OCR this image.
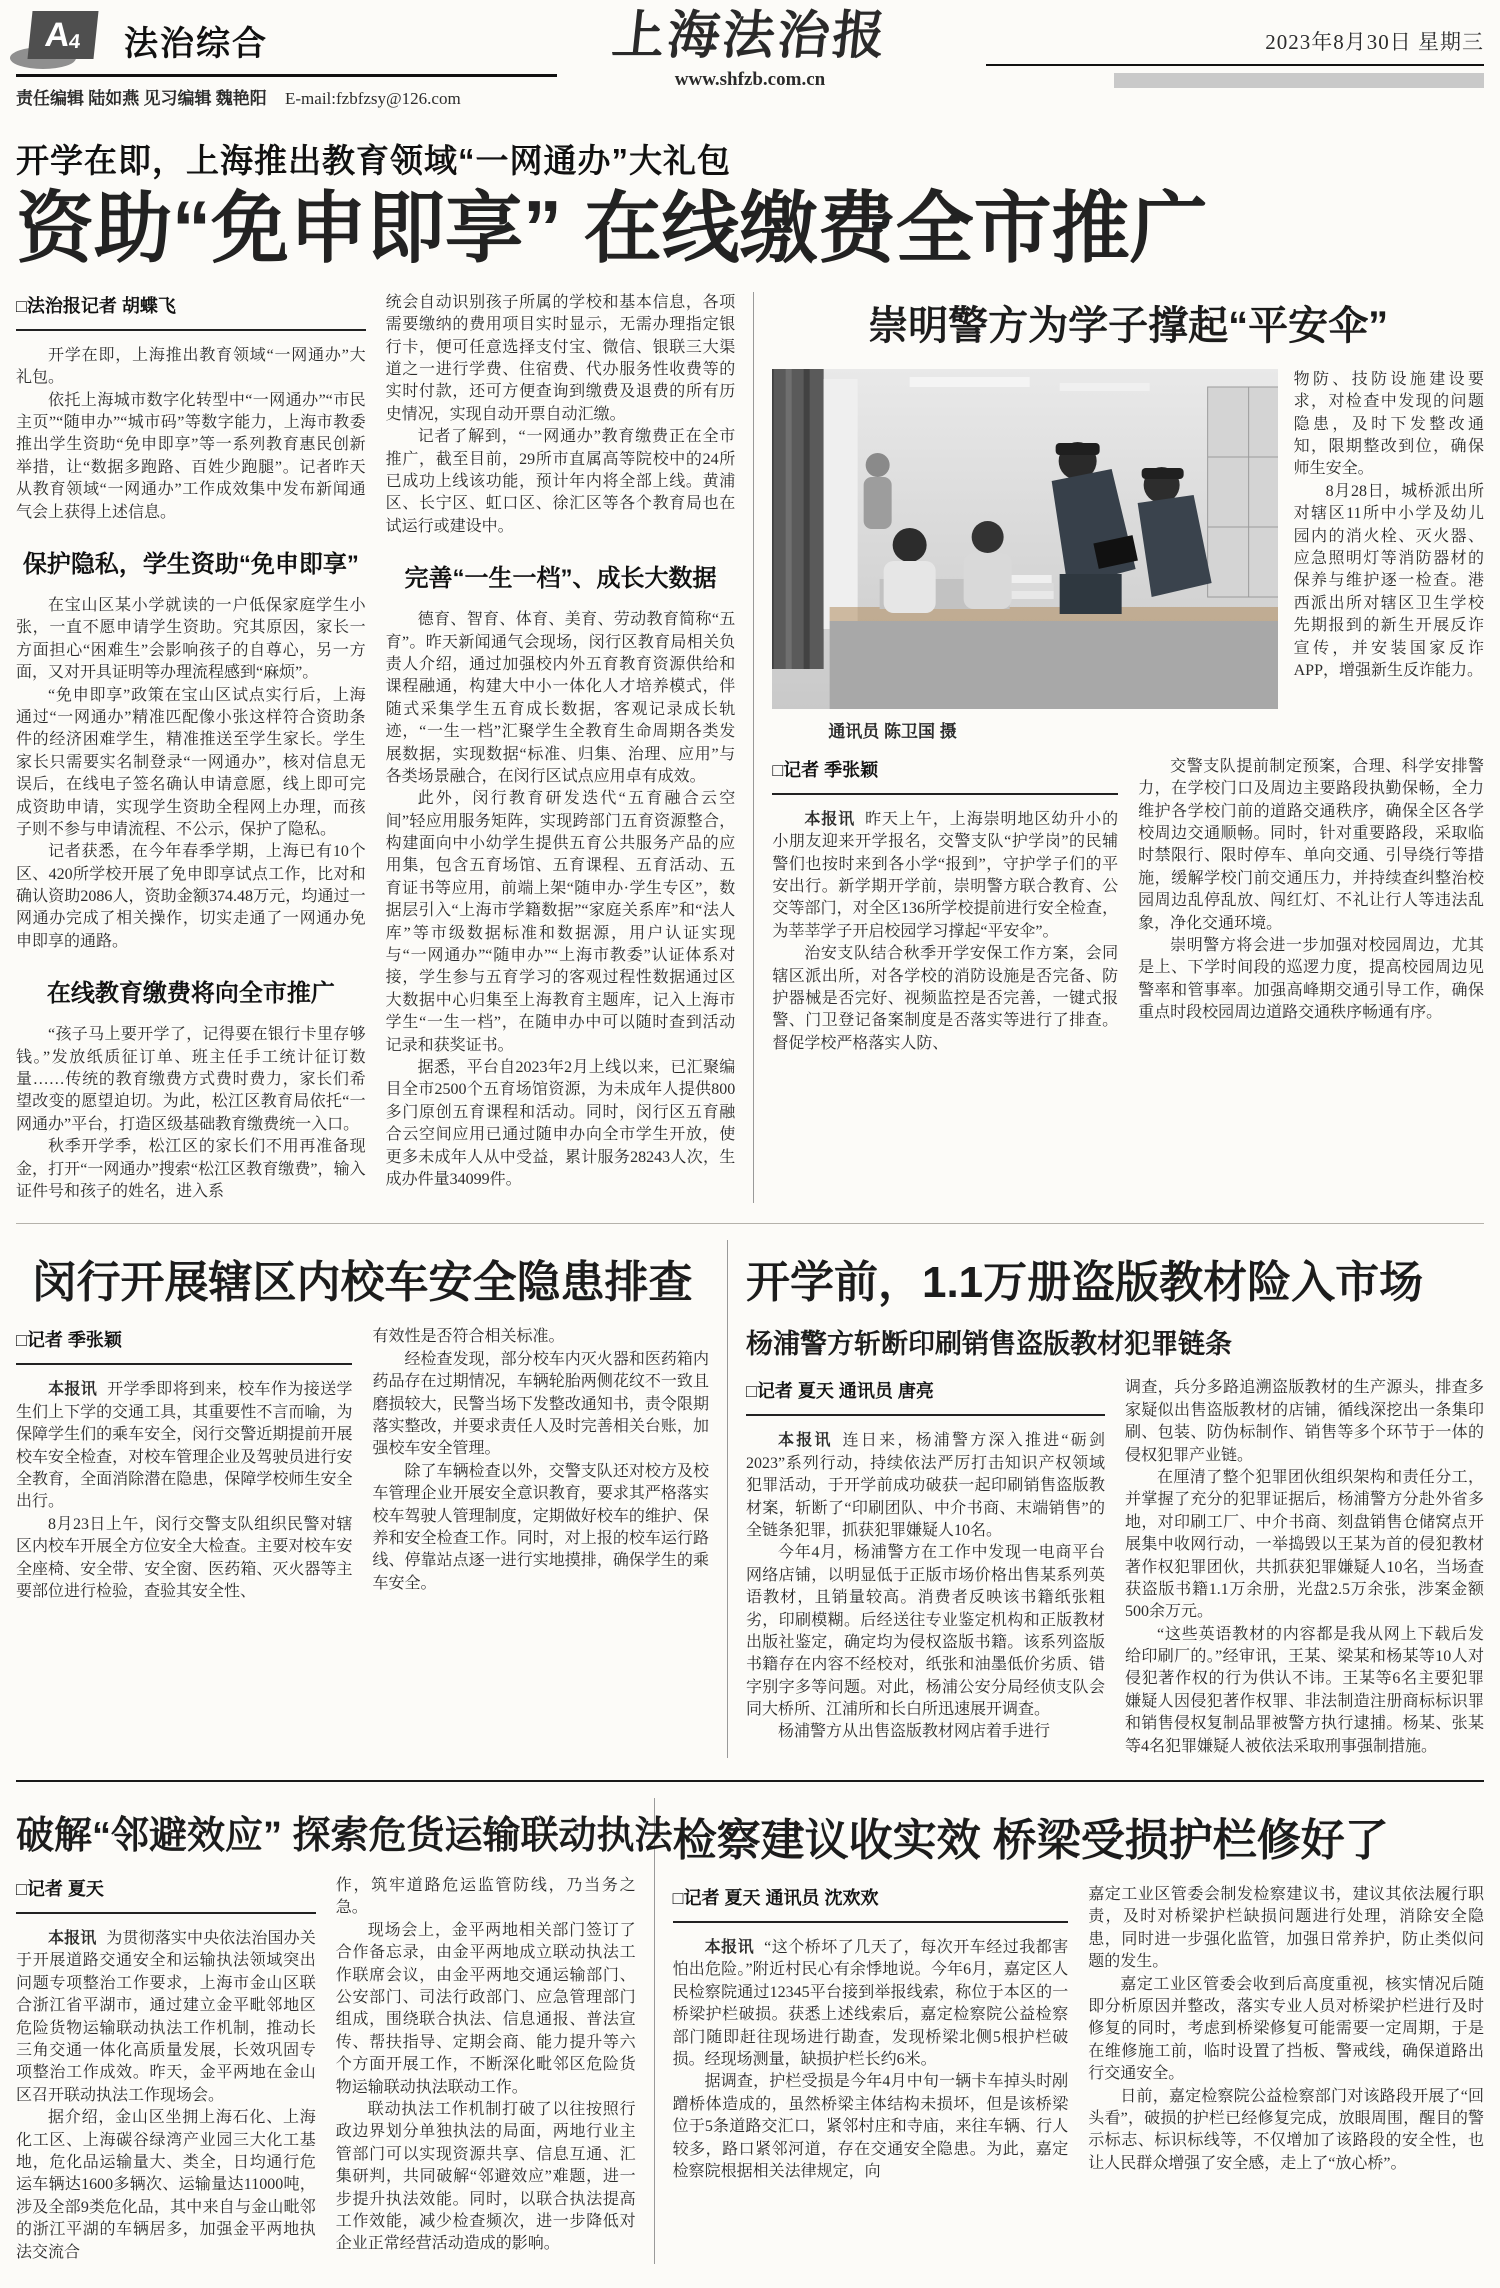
A
4 法治综合
责任编辑 陆如燕 见习编辑 魏艳阳 E-mail:fzbfzsy@126.com
上海法治报
www.shfzb.com.cn
2023年8月30日 星期三
开学在即，上海推出教育领域“一网通办”大礼包
资助“免申即享” 在线缴费全市推广
□法治报记者 胡蝶飞

开学在即，上海推出教育领域“一网通办”大礼包。

依托上海城市数字化转型中“一网通办”“市民主页”“随申办”“城市码”等数字能力，上海市教委推出学生资助“免申即享”等一系列教育惠民创新举措，让“数据多跑路、百姓少跑腿”。记者昨天从教育领域“一网通办”工作成效集中发布新闻通气会上获得上述信息。

保护隐私，学生资助“免申即享”

在宝山区某小学就读的一户低保家庭学生小张，一直不愿申请学生资助。究其原因，家长一方面担心“困难生”会影响孩子的自尊心，另一方面，又对开具证明等办理流程感到“麻烦”。

“免申即享”政策在宝山区试点实行后，上海通过“一网通办”精准匹配像小张这样符合资助条件的经济困难学生，精准推送至学生家长。学生家长只需要实名制登录“一网通办”，核对信息无误后，在线电子签名确认申请意愿，线上即可完成资助申请，实现学生资助全程网上办理，而孩子则不参与申请流程、不公示，保护了隐私。

记者获悉，在今年春季学期，上海已有10个区、420所学校开展了免申即享试点工作，比对和确认资助2086人，资助金额374.48万元，均通过一网通办完成了相关操作，切实走通了一网通办免申即享的通路。

在线教育缴费将向全市推广

“孩子马上要开学了，记得要在银行卡里存够钱。”发放纸质征订单、班主任手工统计征订数量……传统的教育缴费方式费时费力，家长们希望改变的愿望迫切。为此，松江区教育局依托“一网通办”平台，打造区级基础教育缴费统一入口。

秋季开学季，松江区的家长们不用再准备现金，打开“一网通办”搜索“松江区教育缴费”，输入证件号和孩子的姓名，进入系

统会自动识别孩子所属的学校和基本信息，各项需要缴纳的费用项目实时显示，无需办理指定银行卡，便可任意选择支付宝、微信、银联三大渠道之一进行学费、住宿费、代办服务性收费等的实时付款，还可方便查询到缴费及退费的所有历史情况，实现自动开票自动汇缴。

记者了解到，“一网通办”教育缴费正在全市推广，截至目前，29所市直属高等院校中的24所已成功上线该功能，预计年内将全部上线。黄浦区、长宁区、虹口区、徐汇区等各个教育局也在试运行或建设中。

完善“一生一档”、成长大数据

德育、智育、体育、美育、劳动教育简称“五育”。昨天新闻通气会现场，闵行区教育局相关负责人介绍，通过加强校内外五育教育资源供给和课程融通，构建大中小一体化人才培养模式，伴随式采集学生五育成长数据，客观记录成长轨迹，“一生一档”汇聚学生全教育生命周期各类发展数据，实现数据“标准、归集、治理、应用”与各类场景融合，在闵行区试点应用卓有成效。

此外，闵行教育研发迭代“五育融合云空间”轻应用服务矩阵，实现跨部门五育资源整合，构建面向中小幼学生提供五育公共服务产品的应用集，包含五育场馆、五育课程、五育活动、五育证书等应用，前端上架“随申办·学生专区”，数据层引入“上海市学籍数据”“家庭关系库”和“法人库”等市级数据标准和数据源，用户认证实现与“一网通办”“随申办”“上海市教委”认证体系对接，学生参与五育学习的客观过程性数据通过区大数据中心归集至上海教育主题库，记入上海市学生“一生一档”，在随申办中可以随时查到活动记录和获奖证书。

据悉，平台自2023年2月上线以来，已汇聚编目全市2500个五育场馆资源，为未成年人提供800多门原创五育课程和活动。同时，闵行区五育融合云空间应用已通过随申办向全市学生开放，使更多未成年人从中受益，累计服务28243人次，生成办件量34099件。

崇明警方为学子撑起“平安伞”
通讯员 陈卫国 摄

物防、技防设施建设要求，对检查中发现的问题隐患，及时下发整改通知，限期整改到位，确保师生安全。

8月28日，城桥派出所对辖区11所中小学及幼儿园内的消火栓、灭火器、应急照明灯等消防器材的保养与维护逐一检查。港西派出所对辖区卫生学校先期报到的新生开展反诈宣传，并安装国家反诈APP，增强新生反诈能力。

□记者 季张颖

本报讯 昨天上午，上海崇明地区幼升小的小朋友迎来开学报名，交警支队“护学岗”的民辅警们也按时来到各小学“报到”，守护学子们的平安出行。新学期开学前，崇明警方联合教育、公交等部门，对全区136所学校提前进行安全检查，为莘莘学子开启校园学习撑起“平安伞”。

治安支队结合秋季开学安保工作方案，会同辖区派出所，对各学校的消防设施是否完备、防护器械是否完好、视频监控是否完善，一键式报警、门卫登记备案制度是否落实等进行了排查。督促学校严格落实人防、

交警支队提前制定预案，合理、科学安排警力，在学校门口及周边主要路段执勤保畅，全力维护各学校门前的道路交通秩序，确保全区各学校周边交通顺畅。同时，针对重要路段，采取临时禁限行、限时停车、单向交通、引导绕行等措施，缓解学校门前交通压力，并持续查纠整治校园周边乱停乱放、闯红灯、不礼让行人等违法乱象，净化交通环境。

崇明警方将会进一步加强对校园周边，尤其是上、下学时间段的巡逻力度，提高校园周边见警率和管事率。加强高峰期交通引导工作，确保重点时段校园周边道路交通秩序畅通有序。

闵行开展辖区内校车安全隐患排查
□记者 季张颖

本报讯 开学季即将到来，校车作为接送学生们上下学的交通工具，其重要性不言而喻，为保障学生们的乘车安全，闵行交警近期提前开展校车安全检查，对校车管理企业及驾驶员进行安全教育，全面消除潜在隐患，保障学校师生安全出行。

8月23日上午，闵行交警支队组织民警对辖区内校车开展全方位安全大检查。主要对校车安全座椅、安全带、安全窗、医药箱、灭火器等主要部位进行检验，查验其安全性、

有效性是否符合相关标准。

经检查发现，部分校车内灭火器和医药箱内药品存在过期情况，车辆轮胎两侧花纹不一致且磨损较大，民警当场下发整改通知书，责令限期落实整改，并要求责任人及时完善相关台账，加强校车安全管理。

除了车辆检查以外，交警支队还对校方及校车管理企业开展安全意识教育，要求其严格落实校车驾驶人管理制度，定期做好校车的维护、保养和安全检查工作。同时，对上报的校车运行路线、停靠站点逐一进行实地摸排，确保学生的乘车安全。

开学前，1.1万册盗版教材险入市场
杨浦警方斩断印刷销售盗版教材犯罪链条
□记者 夏天 通讯员 唐亮

本报讯 连日来，杨浦警方深入推进“砺剑2023”系列行动，持续依法严厉打击知识产权领域犯罪活动，于开学前成功破获一起印刷销售盗版教材案，斩断了“印刷团队、中介书商、末端销售”的全链条犯罪，抓获犯罪嫌疑人10名。

今年4月，杨浦警方在工作中发现一电商平台网络店铺，以明显低于正版市场价格出售某系列英语教材，且销量较高。消费者反映该书籍纸张粗劣，印刷模糊。后经送往专业鉴定机构和正版教材出版社鉴定，确定均为侵权盗版书籍。该系列盗版书籍存在内容不经校对，纸张和油墨低价劣质、错字别字多等问题。对此，杨浦公安分局经侦支队会同大桥所、江浦所和长白所迅速展开调查。

杨浦警方从出售盗版教材网店着手进行

调查，兵分多路追溯盗版教材的生产源头，排查多家疑似出售盗版教材的店铺，循线深挖出一条集印刷、包装、防伪标制作、销售等多个环节于一体的侵权犯罪产业链。

在厘清了整个犯罪团伙组织架构和责任分工，并掌握了充分的犯罪证据后，杨浦警方分赴外省多地，对印刷工厂、中介书商、刻盘销售仓储窝点开展集中收网行动，一举捣毁以王某为首的侵犯教材著作权犯罪团伙，共抓获犯罪嫌疑人10名，当场查获盗版书籍1.1万余册，光盘2.5万余张，涉案金额500余万元。

“这些英语教材的内容都是我从网上下载后发给印刷厂的。”经审讯，王某、梁某和杨某等10人对侵犯著作权的行为供认不讳。王某等6名主要犯罪嫌疑人因侵犯著作权罪、非法制造注册商标标识罪和销售侵权复制品罪被警方执行逮捕。杨某、张某等4名犯罪嫌疑人被依法采取刑事强制措施。

破解“邻避效应” 探索危货运输联动执法
□记者 夏天

本报讯 为贯彻落实中央依法治国办关于开展道路交通安全和运输执法领域突出问题专项整治工作要求，上海市金山区联合浙江省平湖市，通过建立金平毗邻地区危险货物运输联动执法工作机制，推动长三角交通一体化高质量发展，长效巩固专项整治工作成效。昨天，金平两地在金山区召开联动执法工作现场会。

据介绍，金山区坐拥上海石化、上海化工区、上海碳谷绿湾产业园三大化工基地，危化品运输量大、类全，日均通行危运车辆达1600多辆次、运输量达11000吨，涉及全部9类危化品，其中来自与金山毗邻的浙江平湖的车辆居多，加强金平两地执法交流合

作，筑牢道路危运监管防线，乃当务之急。

现场会上，金平两地相关部门签订了合作备忘录，由金平两地成立联动执法工作联席会议，由金平两地交通运输部门、公安部门、司法行政部门、应急管理部门组成，围绕联合执法、信息通报、普法宣传、帮扶指导、定期会商、能力提升等六个方面开展工作，不断深化毗邻区危险货物运输联动执法联动工作。

联动执法工作机制打破了以往按照行政边界划分单独执法的局面，两地行业主管部门可以实现资源共享、信息互通、汇集研判，共同破解“邻避效应”难题，进一步提升执法效能。同时，以联合执法提高工作效能，减少检查频次，进一步降低对企业正常经营活动造成的影响。

检察建议收实效 桥梁受损护栏修好了
□记者 夏天 通讯员 沈欢欢

本报讯 “这个桥坏了几天了，每次开车经过我都害怕出危险。”附近村民心有余悸地说。今年6月，嘉定区人民检察院通过12345平台接到举报线索，称位于本区的一桥梁护栏破损。获悉上述线索后，嘉定检察院公益检察部门随即赶往现场进行勘查，发现桥梁北侧5根护栏破损。经现场测量，缺损护栏长约6米。

据调查，护栏受损是今年4月中旬一辆卡车掉头时剐蹭桥体造成的，虽然桥梁主体结构未损坏，但是该桥梁位于5条道路交汇口，紧邻村庄和寺庙，来往车辆、行人较多，路口紧邻河道，存在交通安全隐患。为此，嘉定检察院根据相关法律规定，向

嘉定工业区管委会制发检察建议书，建议其依法履行职责，及时对桥梁护栏缺损问题进行处理，消除安全隐患，同时进一步强化监管，加强日常养护，防止类似问题的发生。

嘉定工业区管委会收到后高度重视，核实情况后随即分析原因并整改，落实专业人员对桥梁护栏进行及时修复的同时，考虑到桥梁修复可能需要一定周期，于是在维修施工前，临时设置了挡板、警戒线，确保道路出行交通安全。

日前，嘉定检察院公益检察部门对该路段开展了“回头看”，破损的护栏已经修复完成，放眼周围，醒目的警示标志、标识标线等，不仅增加了该路段的安全性，也让人民群众增强了安全感，走上了“放心桥”。
